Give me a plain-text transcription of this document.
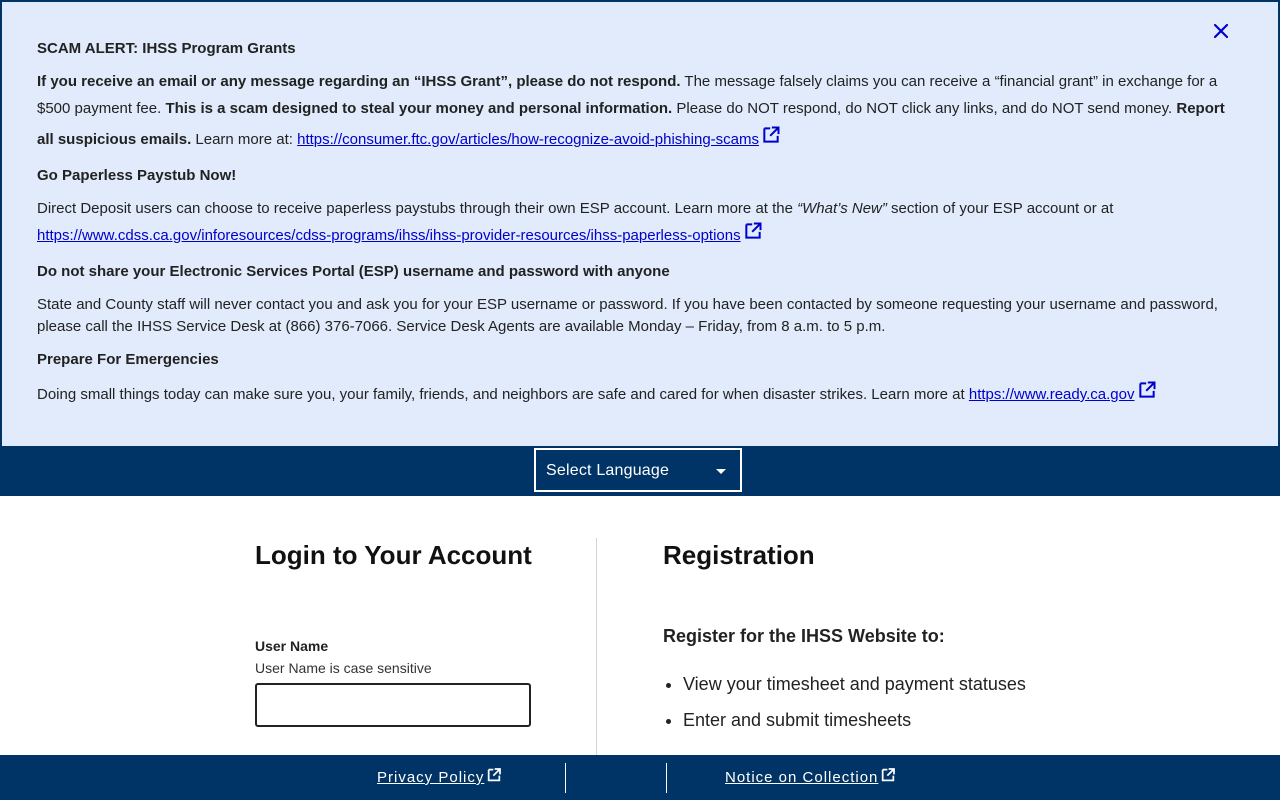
SCAM ALERT: IHSS Program Grants

If you receive an email or any message regarding an “IHSS Grant”, please do not respond. The message falsely claims you can receive a “financial grant” in exchange for a $500 payment fee. This is a scam designed to steal your money and personal information. Please do NOT respond, do NOT click any links, and do NOT send money. Report all suspicious emails. Learn more at: https://consumer.ftc.gov/articles/how-recognize-avoid-phishing-scams

Go Paperless Paystub Now!

Direct Deposit users can choose to receive paperless paystubs through their own ESP account. Learn more at the “What’s New” section of your ESP account or at
https://www.cdss.ca.gov/inforesources/cdss-programs/ihss/ihss-provider-resources/ihss-paperless-options

Do not share your Electronic Services Portal (ESP) username and password with anyone

State and County staff will never contact you and ask you for your ESP username or password. If you have been contacted by someone requesting your username and password, please call the IHSS Service Desk at (866) 376-7066. Service Desk Agents are available Monday – Friday, from 8 a.m. to 5 p.m.

Prepare For Emergencies

Doing small things today can make sure you, your family, friends, and neighbors are safe and cared for when disaster strikes. Learn more at https://www.ready.ca.gov

Select Language
Login to Your Account
User Name
User Name is case sensitive
Registration
Register for the IHSS Website to:
• View your timesheet and payment statuses
• Enter and submit timesheets
Privacy Policy	Notice on Collection
